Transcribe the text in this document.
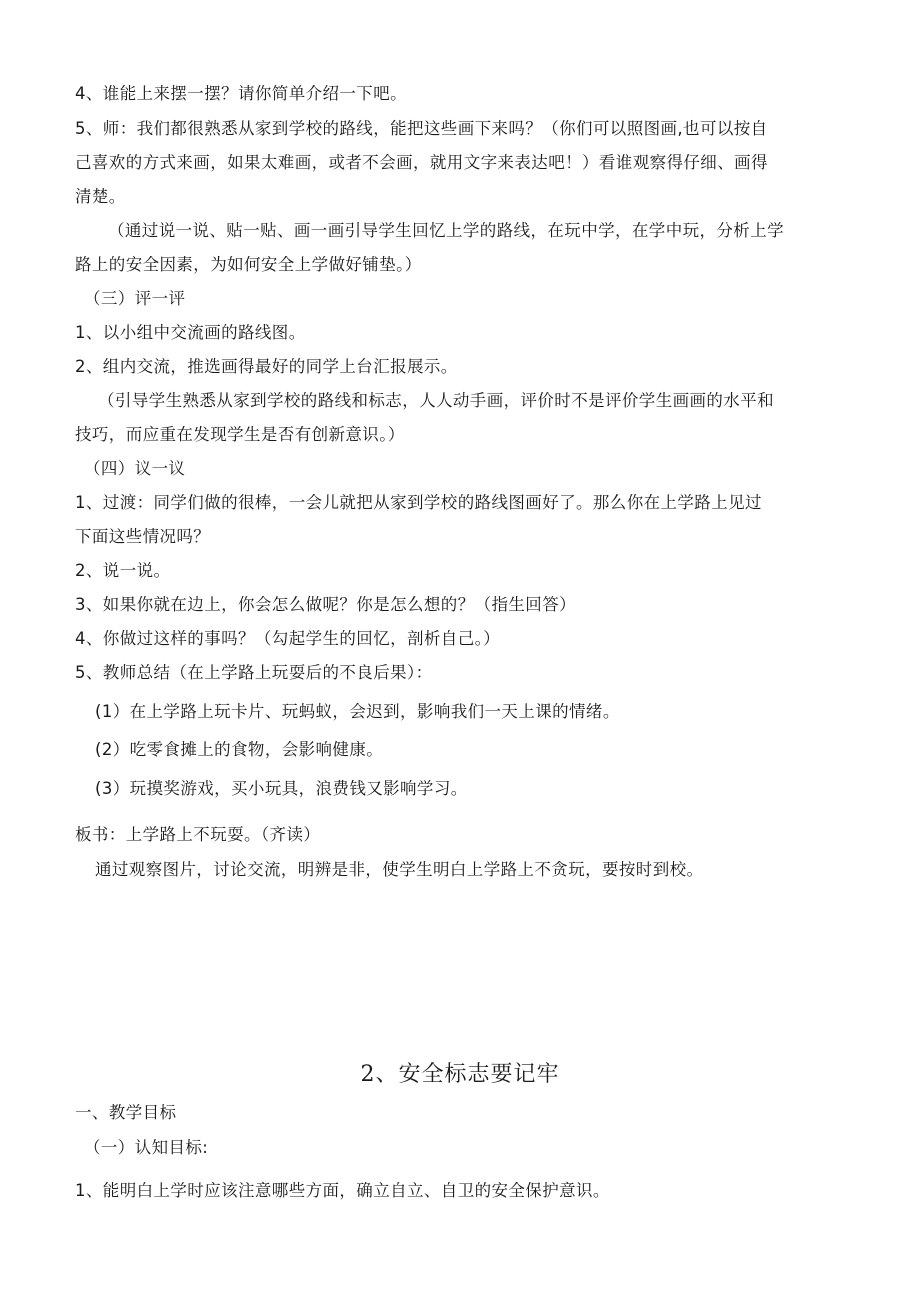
4、谁能上来摆一摆？请你简单介绍一下吧。
5、师：我们都很熟悉从家到学校的路线，能把这些画下来吗？（你们可以照图画,也可以按自
己喜欢的方式来画，如果太难画，或者不会画，就用文字来表达吧！）看谁观察得仔细、画得
清楚。
（通过说一说、贴一贴、画一画引导学生回忆上学的路线，在玩中学，在学中玩，分析上学
路上的安全因素，为如何安全上学做好铺垫。）
（三）评一评
1、以小组中交流画的路线图。
2、组内交流，推选画得最好的同学上台汇报展示。
（引导学生熟悉从家到学校的路线和标志，人人动手画，评价时不是评价学生画画的水平和
技巧，而应重在发现学生是否有创新意识。）
（四）议一议
1、过渡：同学们做的很棒，一会儿就把从家到学校的路线图画好了。那么你在上学路上见过
下面这些情况吗？
2、说一说。
3、如果你就在边上，你会怎么做呢？你是怎么想的？（指生回答）
4、你做过这样的事吗？（勾起学生的回忆，剖析自己。）
5、教师总结（在上学路上玩耍后的不良后果）：
(1）在上学路上玩卡片、玩蚂蚁，会迟到，影响我们一天上课的情绪。
(2）吃零食摊上的食物，会影响健康。
(3）玩摸奖游戏，买小玩具，浪费钱又影响学习。
板书：上学路上不玩耍。（齐读）
通过观察图片，讨论交流，明辨是非，使学生明白上学路上不贪玩，要按时到校。
2、安全标志要记牢
一、教学目标
（一）认知目标:
1、能明白上学时应该注意哪些方面，确立自立、自卫的安全保护意识。
